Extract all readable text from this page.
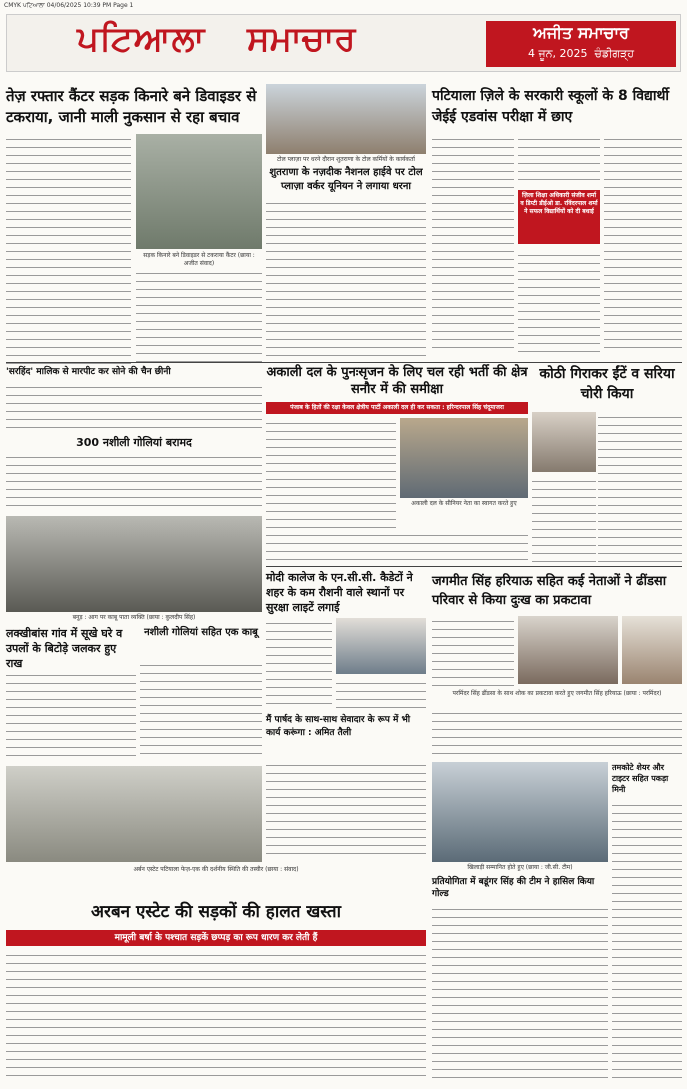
CMYK ਪਟਿਆਲਾ 04/06/2025 10:39 PM Page 1
ਪਟਿਆਲਾ ਸਮਾਚਾਰ	ਅਜੀਤ ਸਮਾਚਾਰ
4 ਜੂਨ, 2025 ਚੰਡੀਗੜ੍ਹ
तेज़ रफ्तार कैंटर सड़क किनारे बने डिवाइडर से टकराया, जानी माली नुकसान से रहा बचाव
सड़क किनारे बने डिवाइडर से टकराया कैंटर (छाया : अजीत संवाद)
टोल प्लाज़ा पर धरने दौरान शुतराणा के टोल कर्मियों के कार्यकर्ता
शुतराणा के नज़दीक नैशनल हाईवे पर टोल प्लाज़ा वर्कर यूनियन ने लगाया धरना
पटियाला ज़िले के सरकारी स्कूलों के 8 विद्यार्थी जेईई एडवांस परीक्षा में छाए
ज़िला शिक्षा अधिकारी संजीव शर्मा व डिप्टी डीईओ डा. रविंदरपाल शर्मा ने सफल विद्यार्थियों को दी बधाई
'सरहिंद' मालिक से मारपीट कर सोने की चैन छीनी
300 नशीली गोलियां बरामद
अकाली दल के पुनःसृजन के लिए चल रही भर्ती की क्षेत्र सनौर में की समीक्षा
पंजाब के हितों की रक्षा केवल क्षेत्रीय पार्टी अकाली दल ही कर सकता : हरिन्दरपाल सिंह चंदूमाजरा
अकाली दल के सीनियर नेता का स्वागत करते हुए
कोठी गिराकर ईंटें व सरिया चोरी किया
बनूड़ : आग पर काबू पाता व्यक्ति (छाया : कुलदीप सिंह)
लक्खीबांस गांव में सूखे घरे व उपलों के बिटोड़े जलकर हुए राख
नशीली गोलियां सहित एक काबू
मोदी कालेज के एन.सी.सी. कैडेटों ने शहर के कम रौशनी वाले स्थानों पर सुरक्षा लाइटें लगाई
जगमीत सिंह हरियाऊ सहित कई नेताओं ने ढींडसा परिवार से किया दुःख का प्रकटावा
परमिंदर सिंह ढींडसा के साथ शोक का प्रकटावा करते हुए जगमीत सिंह हरियाऊ (छाया : परमिंदर)
मैं पार्षद के साथ-साथ सेवादार के रूप में भी कार्य करूंगा : अमित तैली
तमकोटे शेयर और टाइटर सहित पकड़ा मिनी
खिलाड़ी सम्मानित होते हुए (छाया : जी.सी. टीम)
प्रतियोगिता में बडूंगर सिंह की टीम ने हासिल किया गोल्ड
अर्बन एस्टेट पटियाला फेज़-एक की दर्शनीय स्थिति की तस्वीर (छाया : संवाद)
अरबन एस्टेट की सड़कों की हालत खस्ता
मामूली बर्षा के पश्चात सड़कें छप्पड़ का रूप धारण कर लेती हैं
